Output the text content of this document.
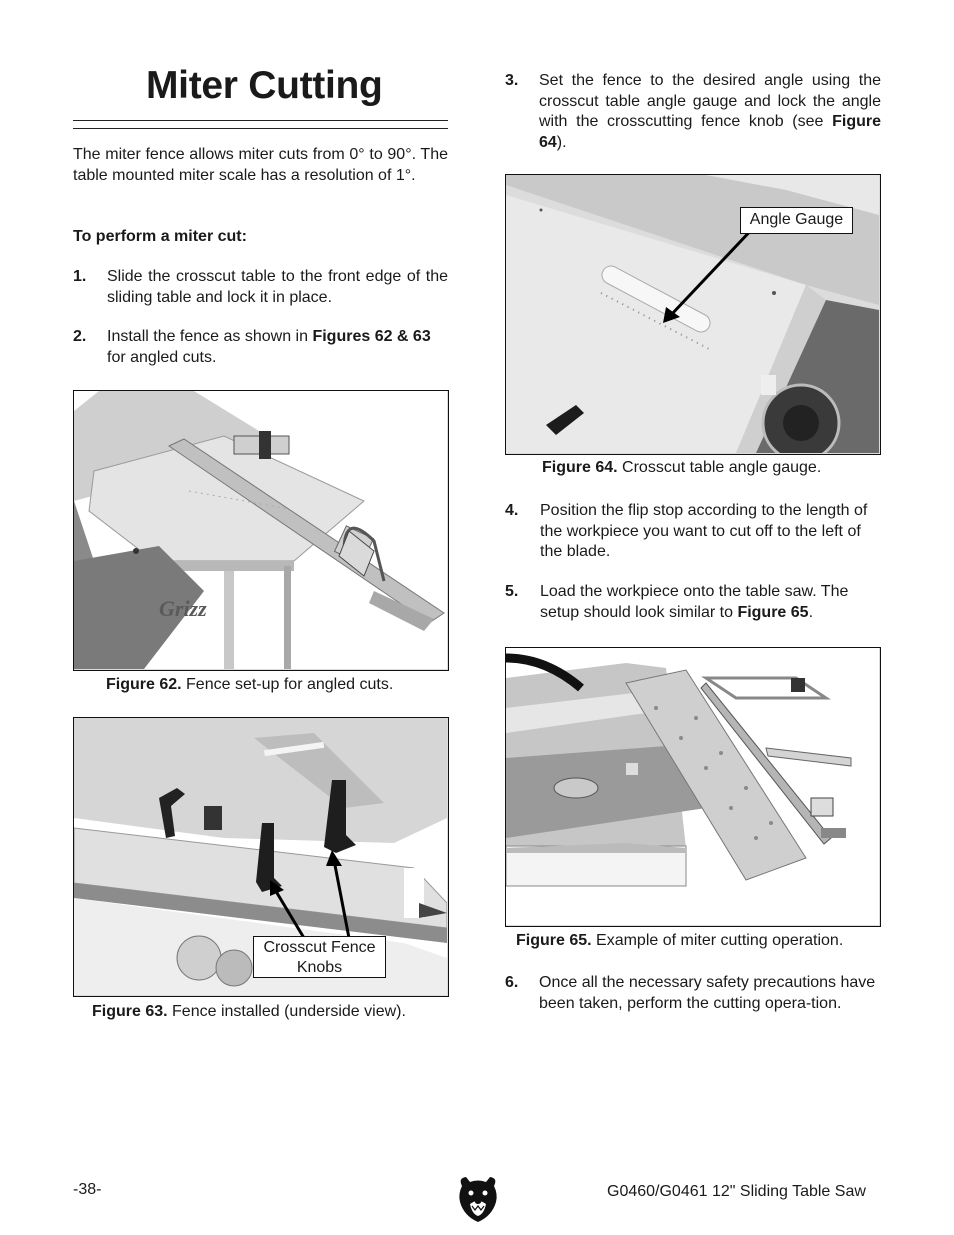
Miter Cutting

The miter fence allows miter cuts from 0° to 90°. The table mounted miter scale has a resolution of 1°.

To perform a miter cut:

1. Slide the crosscut table to the front edge of the sliding table and lock it in place.

2. Install the fence as shown in Figures 62 & 63 for angled cuts.

Grizz
Figure 62. Fence set-up for angled cuts.
Crosscut Fence Knobs
Figure 63. Fence installed (underside view).
3. Set the fence to the desired angle using the crosscut table angle gauge and lock the angle with the crosscutting fence knob (see Figure 64).

Angle Gauge
Figure 64. Crosscut table angle gauge.
4. Position the flip stop according to the length of the workpiece you want to cut off to the left of the blade.

5. Load the workpiece onto the table saw. The setup should look similar to Figure 65.

Figure 65. Example of miter cutting operation.
6. Once all the necessary safety precautions have been taken, perform the cutting opera-tion.

-38-	G0460/G0461 12" Sliding Table Saw
